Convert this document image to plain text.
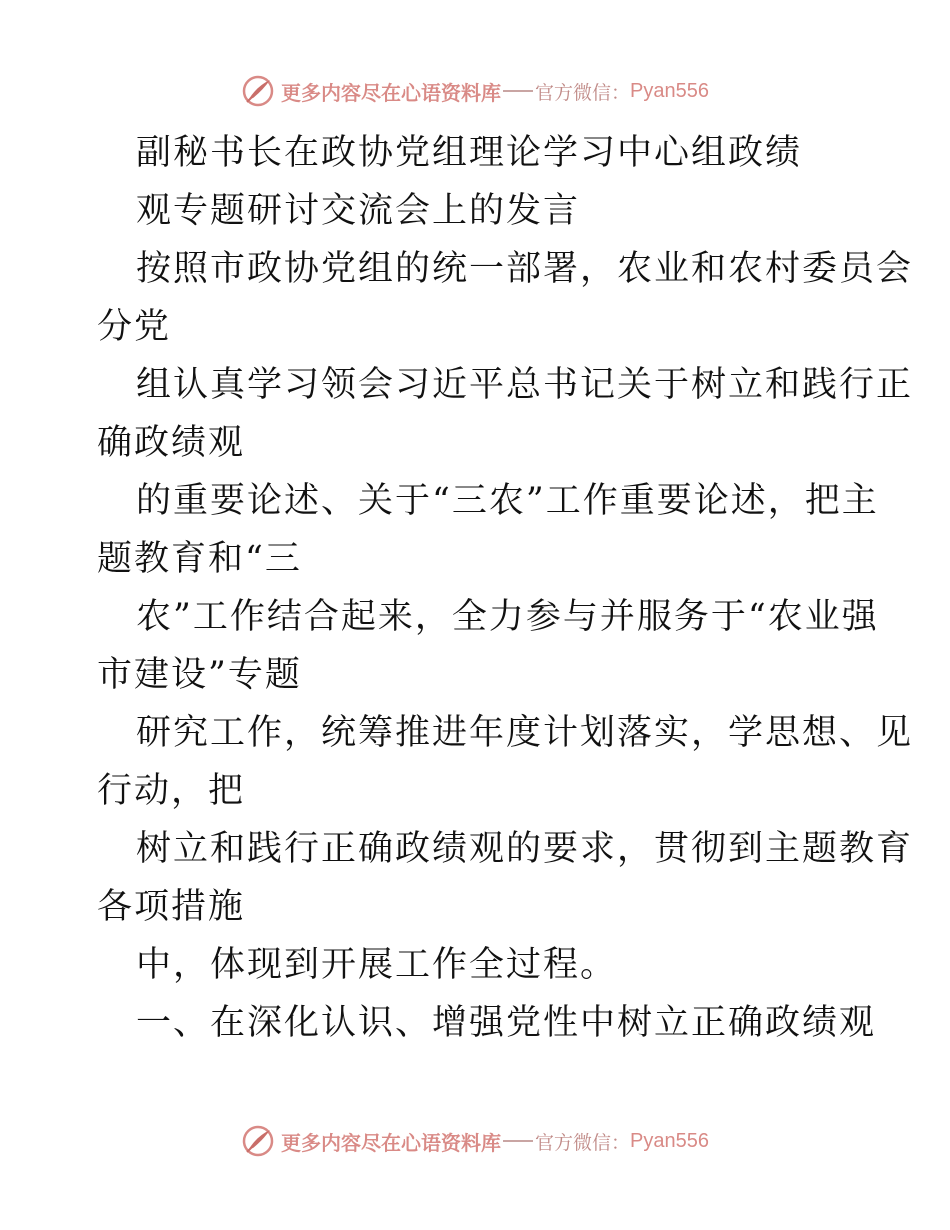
更多内容尽在心语资料库 官方微信： Pyan556
副秘书长在政协党组理论学习中心组政绩
观专题研讨交流会上的发言
按照市政协党组的统一部署，农业和农村委员会
分党
组认真学习领会习近平总书记关于树立和践行正
确政绩观
的重要论述、关于“三农”工作重要论述，把主
题教育和“三
农”工作结合起来，全力参与并服务于“农业强
市建设”专题
研究工作，统筹推进年度计划落实，学思想、见
行动，把
树立和践行正确政绩观的要求，贯彻到主题教育
各项措施
中，体现到开展工作全过程。
一、在深化认识、增强党性中树立正确政绩观
更多内容尽在心语资料库 官方微信： Pyan556
